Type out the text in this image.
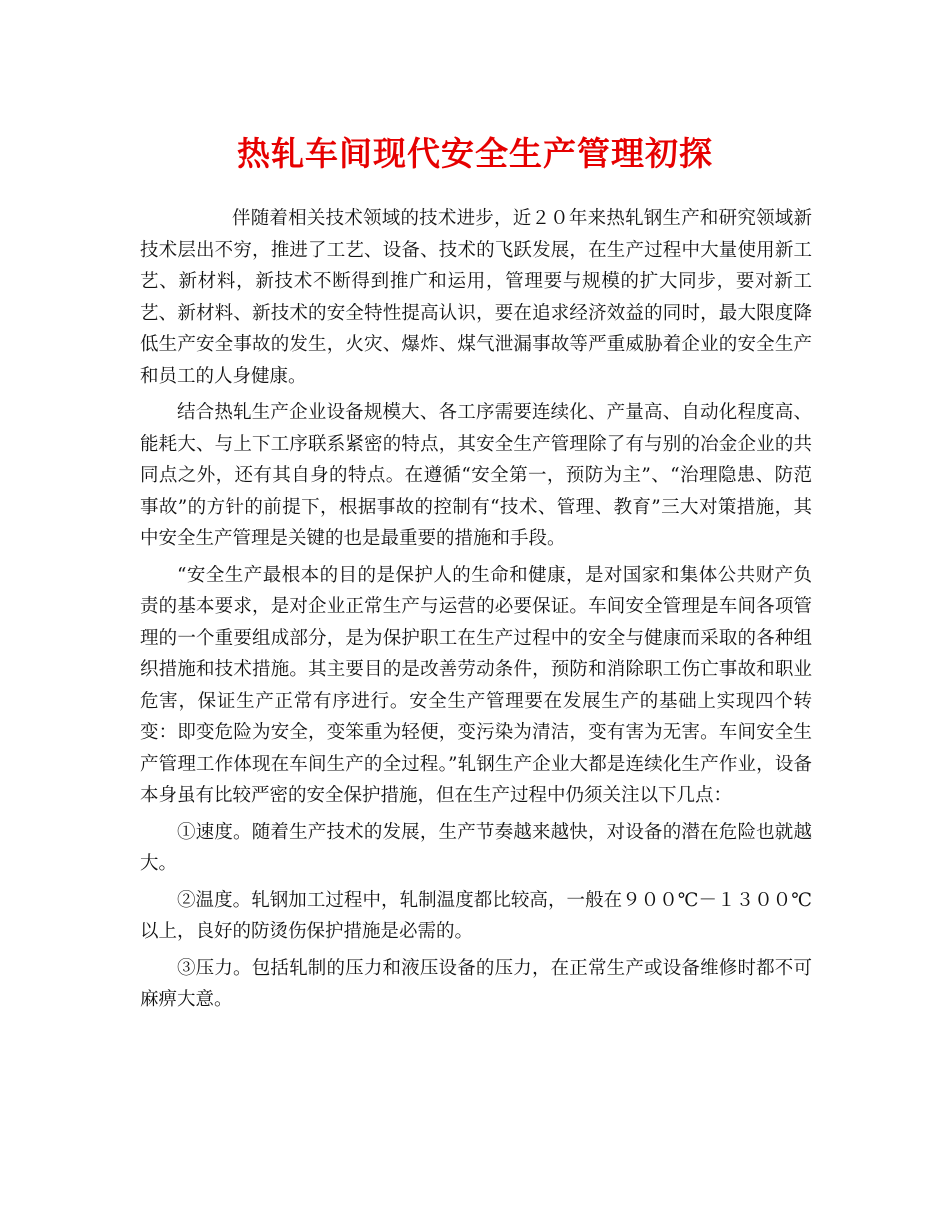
热轧车间现代安全生产管理初探

伴随着相关技术领域的技术进步，近２０年来热轧钢生产和研究领域新技术层出不穷，推进了工艺、设备、技术的飞跃发展，在生产过程中大量使用新工艺、新材料，新技术不断得到推广和运用，管理要与规模的扩大同步，要对新工艺、新材料、新技术的安全特性提高认识，要在追求经济效益的同时，最大限度降低生产安全事故的发生，火灾、爆炸、煤气泄漏事故等严重威胁着企业的安全生产和员工的人身健康。

结合热轧生产企业设备规模大、各工序需要连续化、产量高、自动化程度高、能耗大、与上下工序联系紧密的特点，其安全生产管理除了有与别的冶金企业的共同点之外，还有其自身的特点。在遵循“安全第一，预防为主”、“治理隐患、防范事故”的方针的前提下，根据事故的控制有“技术、管理、教育”三大对策措施，其中安全生产管理是关键的也是最重要的措施和手段。

“安全生产最根本的目的是保护人的生命和健康，是对国家和集体公共财产负责的基本要求，是对企业正常生产与运营的必要保证。车间安全管理是车间各项管理的一个重要组成部分，是为保护职工在生产过程中的安全与健康而采取的各种组织措施和技术措施。其主要目的是改善劳动条件，预防和消除职工伤亡事故和职业危害，保证生产正常有序进行。安全生产管理要在发展生产的基础上实现四个转变：即变危险为安全，变笨重为轻便，变污染为清洁，变有害为无害。车间安全生产管理工作体现在车间生产的全过程。”轧钢生产企业大都是连续化生产作业，设备本身虽有比较严密的安全保护措施，但在生产过程中仍须关注以下几点：

①速度。随着生产技术的发展，生产节奏越来越快，对设备的潜在危险也就越大。

②温度。轧钢加工过程中，轧制温度都比较高，一般在９００℃－１３００℃以上，良好的防烫伤保护措施是必需的。

③压力。包括轧制的压力和液压设备的压力，在正常生产或设备维修时都不可麻痹大意。
